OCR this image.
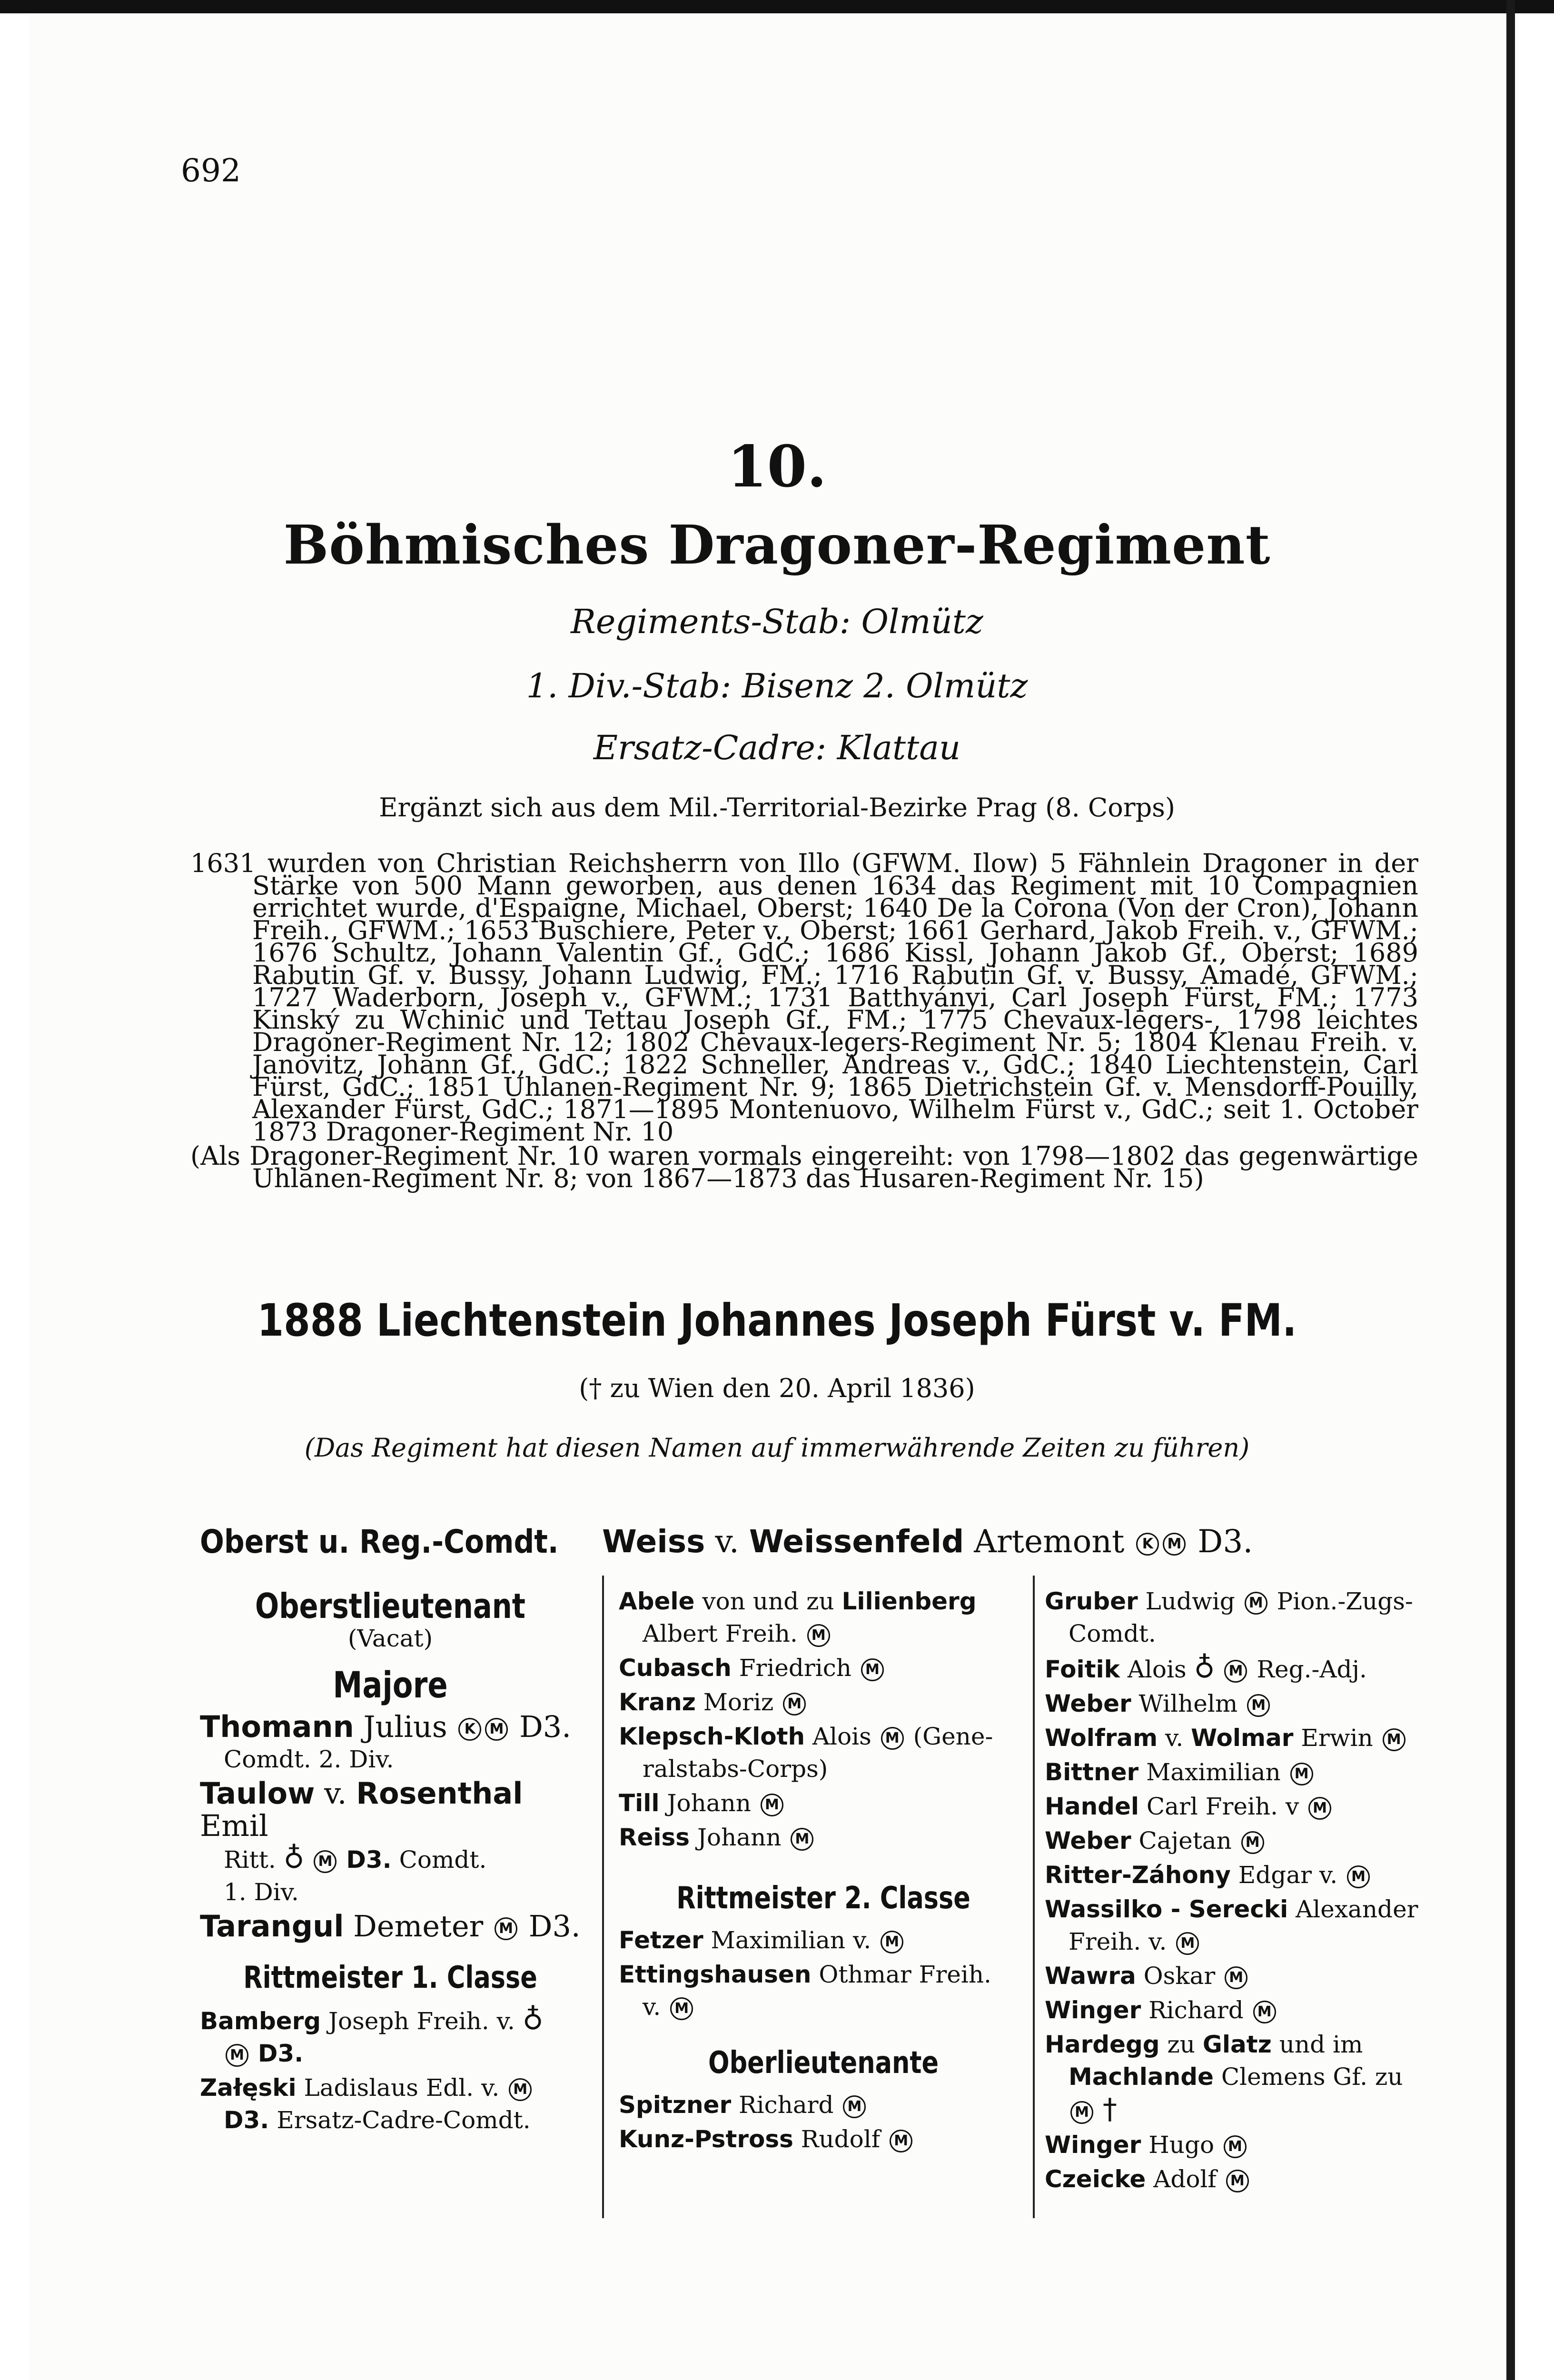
692
10.
Böhmisches Dragoner-Regiment
Regiments-Stab: Olmütz
1. Div.-Stab: Bisenz 2. Olmütz
Ersatz-Cadre: Klattau
Ergänzt sich aus dem Mil.-Territorial-Bezirke Prag (8. Corps)

1631 wurden von Christian Reichsherrn von Illo (GFWM. Ilow) 5 Fähnlein Dragoner in der Stärke von 500 Mann geworben, aus denen 1634 das Regiment mit 10 Compagnien errichtet wurde, d'Espaigne, Michael, Oberst; 1640 De la Corona (Von der Cron), Johann Freih., GFWM.; 1653 Buschiere, Peter v., Oberst; 1661 Gerhard, Jakob Freih. v., GFWM.; 1676 Schultz, Johann Valentin Gf., GdC.; 1686 Kissl, Johann Jakob Gf., Oberst; 1689 Rabutin Gf. v. Bussy, Johann Ludwig, FM.; 1716 Rabutin Gf. v. Bussy, Amadé, GFWM.; 1727 Waderborn, Joseph v., GFWM.; 1731 Batthyányi, Carl Joseph Fürst, FM.; 1773 Kinský zu Wchinic und Tettau Joseph Gf., FM.; 1775 Chevaux-legers-, 1798 leichtes Dragoner-Regiment Nr. 12; 1802 Chevaux-legers-Regiment Nr. 5; 1804 Klenau Freih. v. Janovitz, Johann Gf., GdC.; 1822 Schneller, Andreas v., GdC.; 1840 Liechtenstein, Carl Fürst, GdC.; 1851 Uhlanen-Regiment Nr. 9; 1865 Dietrichstein Gf. v. Mensdorff-Pouilly, Alexander Fürst, GdC.; 1871—1895 Montenuovo, Wilhelm Fürst v., GdC.; seit 1. October 1873 Dragoner-Regiment Nr. 10

(Als Dragoner-Regiment Nr. 10 waren vormals eingereiht: von 1798—1802 das gegenwärtige Uhlanen-Regiment Nr. 8; von 1867—1873 das Husaren-Regiment Nr. 15)

1888 Liechtenstein Johannes Joseph Fürst v. FM.
(† zu Wien den 20. April 1836)
(Das Regiment hat diesen Namen auf immerwährende Zeiten zu führen)
Oberst u. Reg.-Comdt. Weiss v. Weissenfeld Artemont K M D3.
Oberstlieutenant
(Vacat)
Majore
Thomann Julius K M D3.
Comdt. 2. Div.
Taulow v. Rosenthal Emil
Ritt. ♁ M D3. Comdt.
1. Div.
Tarangul Demeter M D3.
Rittmeister 1. Classe
Bamberg Joseph Freih. v. ♁
M D3.
Załęski Ladislaus Edl. v. M
D3. Ersatz-Cadre-Comdt.
Abele von und zu Lilienberg
Albert Freih. M
Cubasch Friedrich M
Kranz Moriz M
Klepsch-Kloth Alois M (Gene-
ralstabs-Corps)
Till Johann M
Reiss Johann M
Rittmeister 2. Classe
Fetzer Maximilian v. M
Ettingshausen Othmar Freih.
v. M
Oberlieutenante
Spitzner Richard M
Kunz-Pstross Rudolf M
Gruber Ludwig M Pion.-Zugs-
Comdt.
Foitik Alois ♁ M Reg.-Adj.
Weber Wilhelm M
Wolfram v. Wolmar Erwin M
Bittner Maximilian M
Handel Carl Freih. v M
Weber Cajetan M
Ritter-Záhony Edgar v. M
Wassilko - Serecki Alexander
Freih. v. M
Wawra Oskar M
Winger Richard M
Hardegg zu Glatz und im
Machlande Clemens Gf. zu
M †
Winger Hugo M
Czeicke Adolf M
